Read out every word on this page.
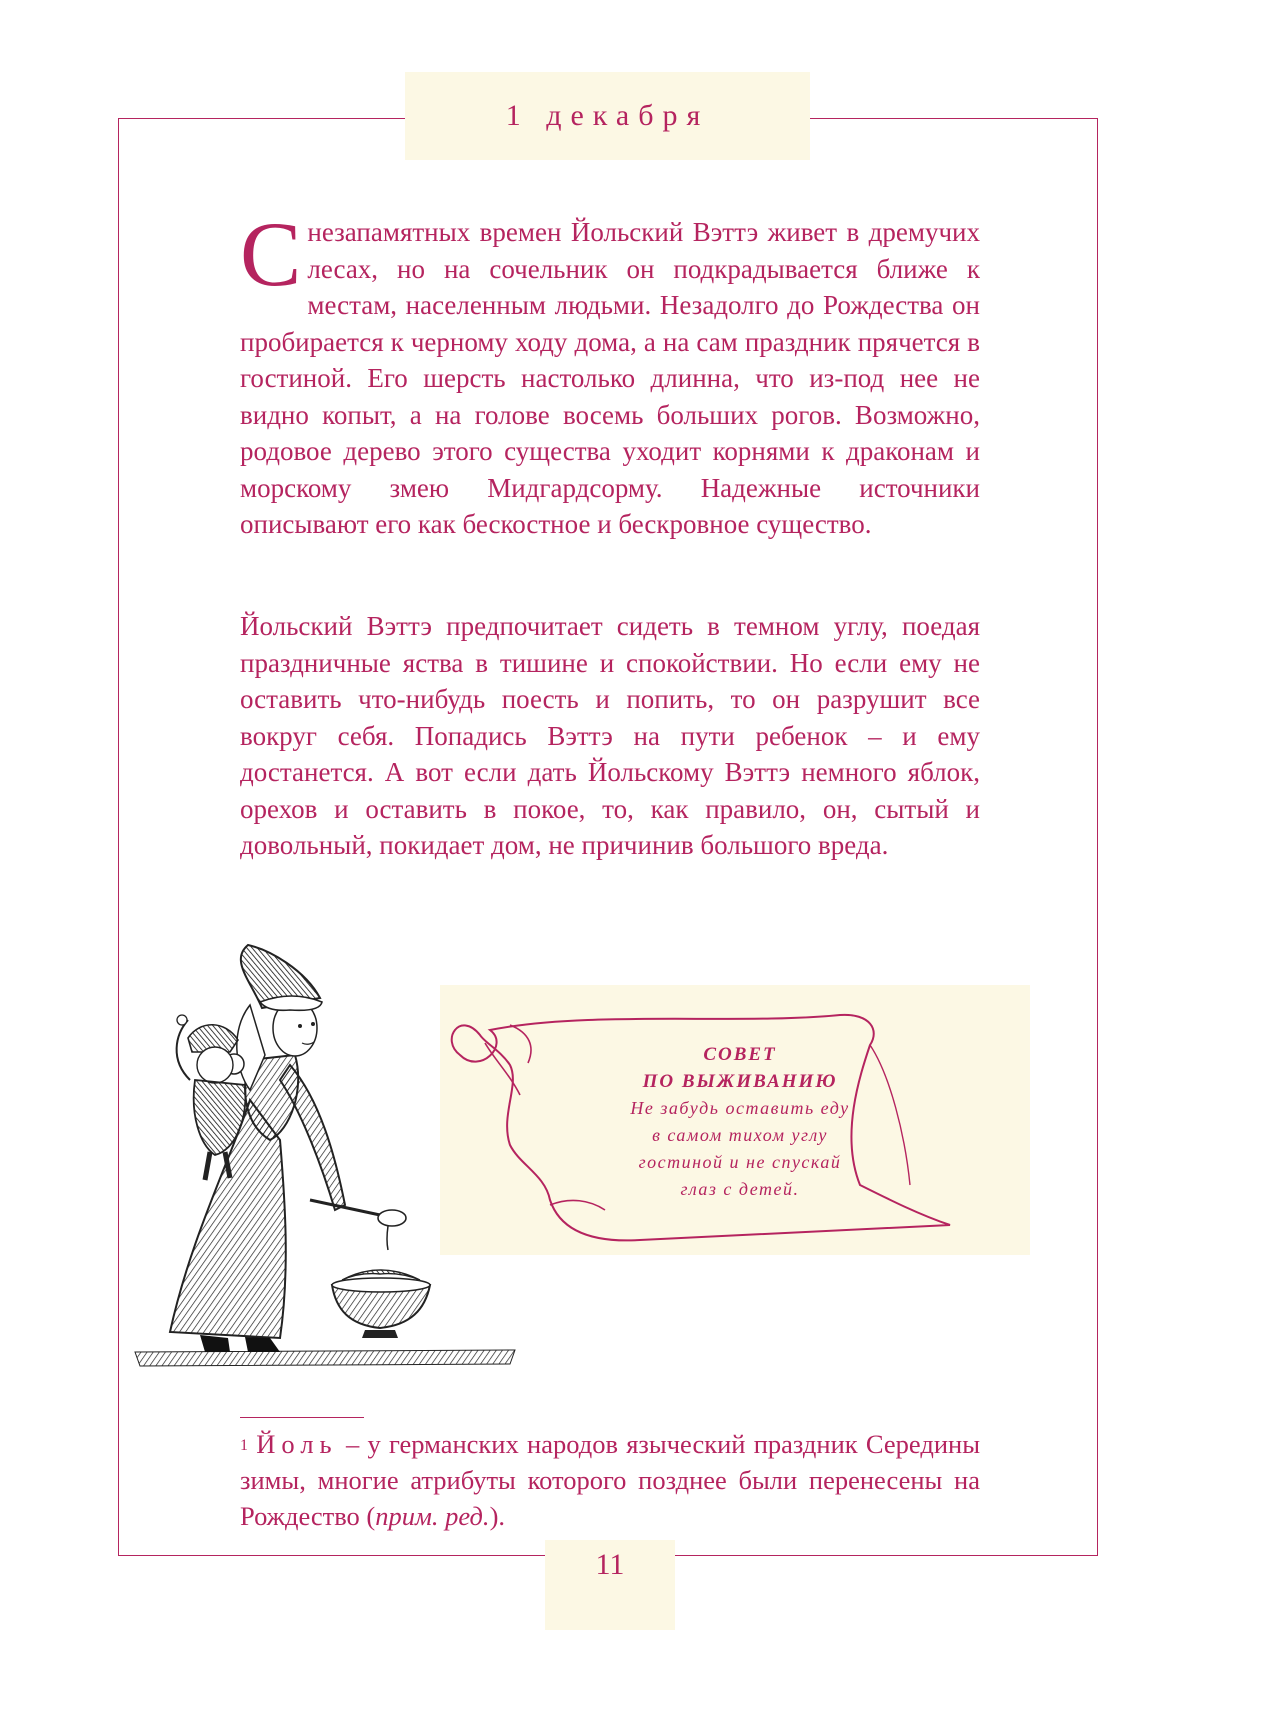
1 декабря
С незапамятных времен Йольский Вэттэ живет в дремучих лесах, но на сочельник он подкрадывается ближе к местам, населенным людьми. Незадолго до Рождества он пробирается к черному ходу дома, а на сам праздник прячется в гостиной. Его шерсть настолько длинна, что из-под нее не видно копыт, а на голове восемь больших рогов. Возможно, родовое дерево этого существа уходит корнями к драконам и морскому змею Мидгардсорму. Надежные источники описывают его как бескостное и бескровное существо.
Йольский Вэттэ предпочитает сидеть в темном углу, поедая праздничные яства в тишине и спокойствии. Но если ему не оставить что-нибудь поесть и попить, то он разрушит все вокруг себя. Попадись Вэттэ на пути ребенок – и ему достанется. А вот если дать Йольскому Вэттэ немного яблок, орехов и оставить в покое, то, как правило, он, сытый и довольный, покидает дом, не причинив большого вреда.
СОВЕТ
ПО ВЫЖИВАНИЮ
Не забудь оставить еду
в самом тихом углу
гостиной и не спускай
глаз с детей.
$^1$ Йоль – у германских народов языческий праздник Середины зимы, многие атрибуты которого позднее были перенесены на Рождество (прим. ред.).
11
